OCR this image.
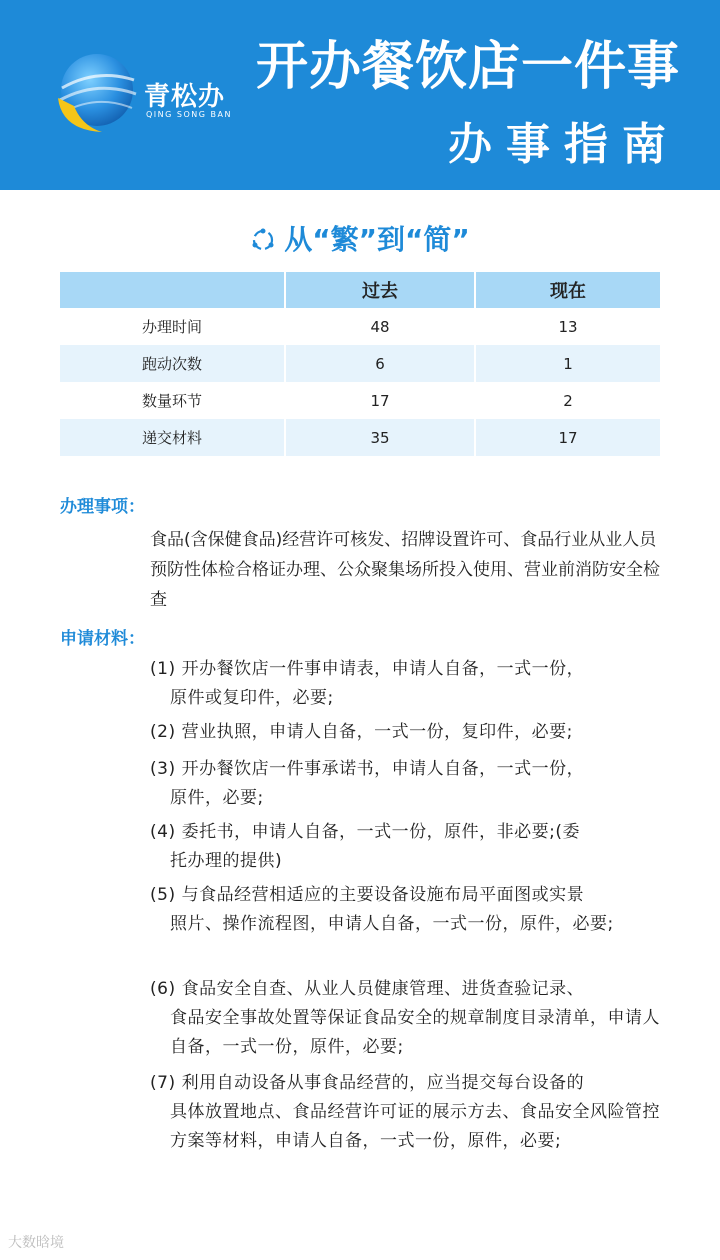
青松办
QING SONG BAN
开办餐饮店一件事
办事指南
从“繁”到“简”
	过去	现在
办理时间	48	13
跑动次数	6	1
数量环节	17	2
递交材料	35	17
办理事项：
食品(含保健食品)经营许可核发、招牌设置许可、食品行业从业人员预防性体检合格证办理、公众聚集场所投入使用、营业前消防安全检查
申请材料：
(1) 开办餐饮店一件事申请表，申请人自备，一式一份，
原件或复印件，必要;
(2) 营业执照，申请人自备，一式一份，复印件，必要;
(3) 开办餐饮店一件事承诺书，申请人自备，一式一份，
原件，必要;
(4) 委托书，申请人自备，一式一份，原件，非必要;(委
托办理的提供)
(5) 与食品经营相适应的主要设备设施布局平面图或实景
照片、操作流程图，申请人自备，一式一份，原件，必要;
(6) 食品安全自查、从业人员健康管理、进货查验记录、
食品安全事故处置等保证食品安全的规章制度目录清单，申请人自备，一式一份，原件，必要;
(7) 利用自动设备从事食品经营的，应当提交每台设备的
具体放置地点、食品经营许可证的展示方去、食品安全风险管控方案等材料，申请人自备，一式一份，原件，必要;
大数晗境
